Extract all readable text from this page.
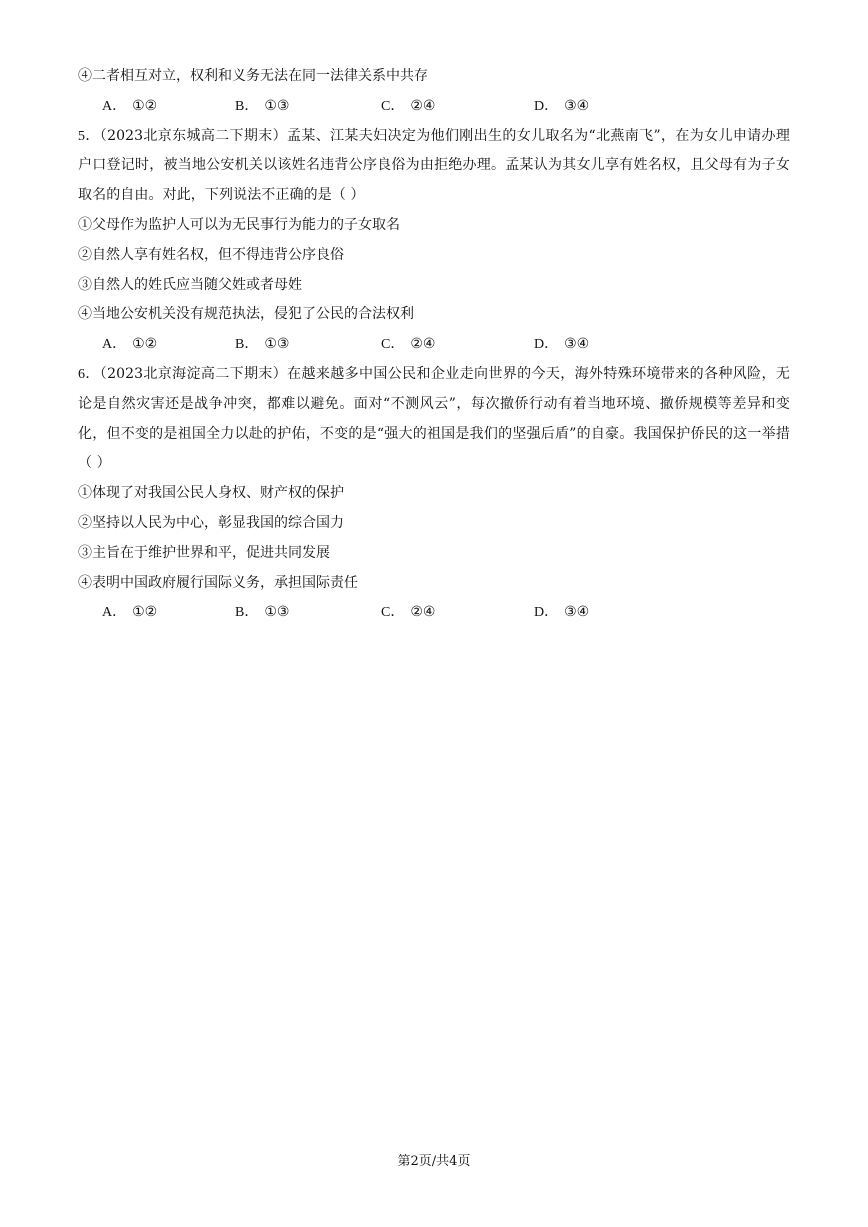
④二者相互对立，权利和义务无法在同一法律关系中共存
A． ①②	B． ①③	C． ②④	D． ③④
5．（2023北京东城高二下期末）孟某、江某夫妇决定为他们刚出生的女儿取名为“北燕南飞”，在为女儿申请办理户口登记时，被当地公安机关以该姓名违背公序良俗为由拒绝办理。孟某认为其女儿享有姓名权，且父母有为子女取名的自由。对此，下列说法不正确的是（ ）
①父母作为监护人可以为无民事行为能力的子女取名
②自然人享有姓名权，但不得违背公序良俗
③自然人的姓氏应当随父姓或者母姓
④当地公安机关没有规范执法，侵犯了公民的合法权利
A． ①②	B． ①③	C． ②④	D． ③④
6．（2023北京海淀高二下期末）在越来越多中国公民和企业走向世界的今天，海外特殊环境带来的各种风险，无论是自然灾害还是战争冲突，都难以避免。面对“不测风云”，每次撤侨行动有着当地环境、撤侨规模等差异和变化，但不变的是祖国全力以赴的护佑，不变的是“强大的祖国是我们的坚强后盾”的自豪。我国保护侨民的这一举措（ ）
①体现了对我国公民人身权、财产权的保护
②坚持以人民为中心，彰显我国的综合国力
③主旨在于维护世界和平，促进共同发展
④表明中国政府履行国际义务，承担国际责任
A． ①②	B． ①③	C． ②④	D． ③④
第2页/共4页
